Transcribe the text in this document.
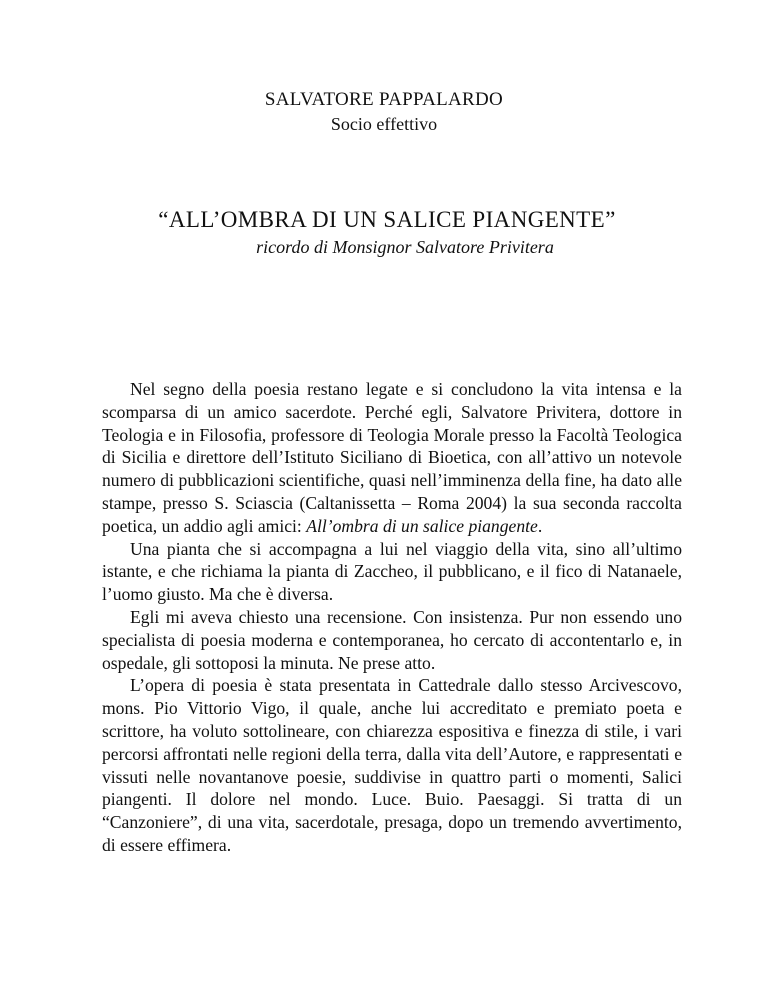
SALVATORE PAPPALARDO
Socio effettivo
“ALL’OMBRA DI UN SALICE PIANGENTE”
ricordo di Monsignor Salvatore Privitera

Nel segno della poesia restano legate e si concludono la vita intensa e la scomparsa di un amico sacerdote. Perché egli, Salvatore Privitera, dottore in Teologia e in Filosofia, professore di Teologia Morale presso la Facoltà Teologica di Sicilia e direttore dell’Istituto Siciliano di Bioetica, con all’attivo un notevole numero di pubblicazioni scientifiche, quasi nell’imminenza della fine, ha dato alle stampe, presso S. Sciascia (Caltanissetta – Roma 2004) la sua seconda raccolta poetica, un addio agli amici: All’ombra di un salice piangente.

Una pianta che si accompagna a lui nel viaggio della vita, sino all’ultimo istante, e che richiama la pianta di Zaccheo, il pubblicano, e il fico di Natanaele, l’uomo giusto. Ma che è diversa.

Egli mi aveva chiesto una recensione. Con insistenza. Pur non essendo uno specialista di poesia moderna e contemporanea, ho cercato di accontentarlo e, in ospedale, gli sottoposi la minuta. Ne prese atto.

L’opera di poesia è stata presentata in Cattedrale dallo stesso Arcivescovo, mons. Pio Vittorio Vigo, il quale, anche lui accreditato e premiato poeta e scrittore, ha voluto sottolineare, con chiarezza espositiva e finezza di stile, i vari percorsi affrontati nelle regioni della terra, dalla vita dell’Autore, e rappresentati e vissuti nelle novantanove poesie, suddivise in quattro parti o momenti, Salici piangenti. Il dolore nel mondo. Luce. Buio. Paesaggi. Si tratta di un “Canzoniere”, di una vita, sacerdotale, presaga, dopo un tremendo avvertimento, di essere effimera.
